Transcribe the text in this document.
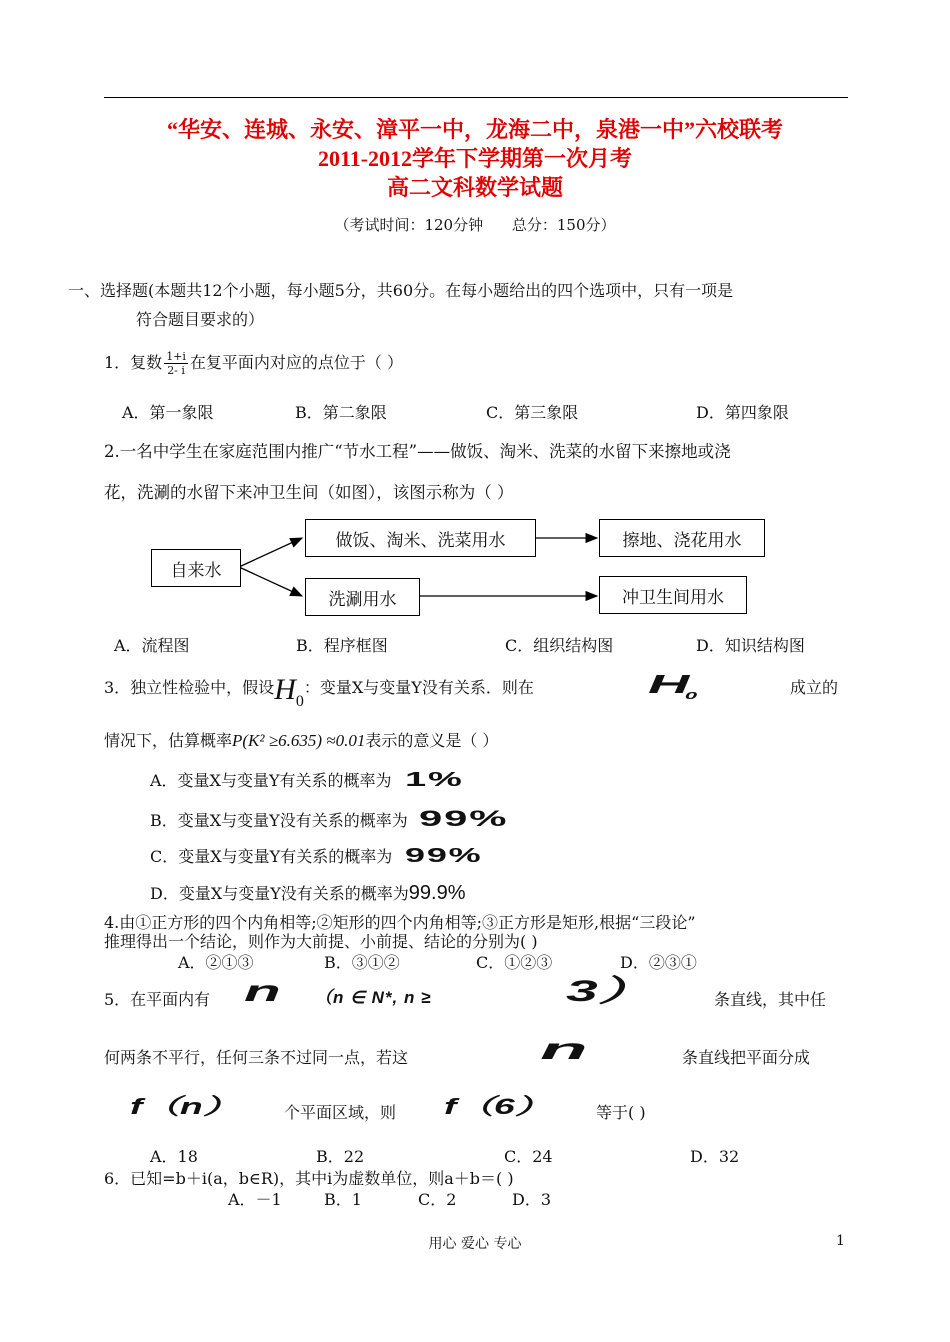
“华安、连城、永安、漳平一中，龙海二中，泉港一中”六校联考
2011-2012学年下学期第一次月考
高二文科数学试题
（考试时间：120分钟 总分：150分）
一、选择题(本题共12个小题，每小题5分，共60分。在每小题给出的四个选项中，只有一项是
符合题目要求的）
1．复数 $\frac{1+i}{2- i}$ 在复平面内对应的点位于（ ）
A．第一象限	B．第二象限	C．第三象限	D．第四象限
2.一名中学生在家庭范围内推广“节水工程”——做饭、淘米、洗菜的水留下来擦地或浇
花，洗涮的水留下来冲卫生间（如图），该图示称为（ ）
自来水
做饭、淘米、洗菜用水	擦地、浇花用水
洗涮用水	冲卫生间用水
A．流程图	B．程序框图	C．组织结构图	D．知识结构图
3．独立性检验中，假设$H_0$：变量X与变量Y没有关系．则在	$H_0$	成立的
情况下，估算概率P(K² ≥6.635) ≈0.01表示的意义是（ ）
A．变量X与变量Y有关系的概率为 1%
B．变量X与变量Y没有关系的概率为 99%
C．变量X与变量Y有关系的概率为 99%
D．变量X与变量Y没有关系的概率为99.9%
4.由①正方形的四个内角相等;②矩形的四个内角相等;③正方形是矩形,根据“三段论”
推理得出一个结论，则作为大前提、小前提、结论的分别为( )
A．②①③	B．③①②	C．①②③	D．②③①
5．在平面内有 n （n ∈ N*, n ≥	3）	条直线，其中任
何两条不平行，任何三条不过同一点，若这	n	条直线把平面分成
f（n）	个平面区域，则 f（6）	等于( )
A．18	B．22	C．24	D．32
6．已知=b＋i(a，b∈R)，其中i为虚数单位，则a＋b＝( )
A．－1	B．1	C．2	D．3
用心 爱心 专心	1
